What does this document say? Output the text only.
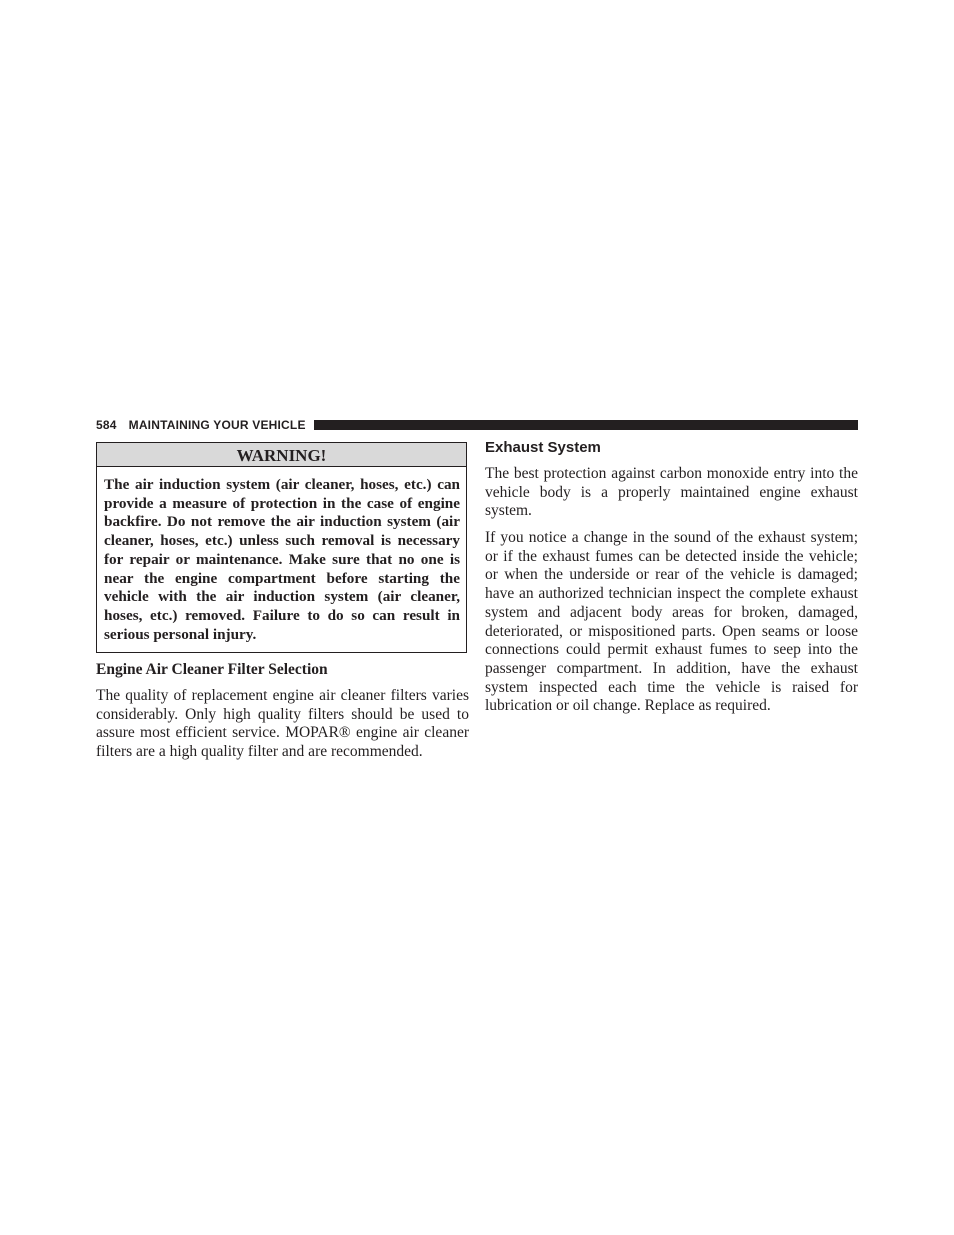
584 MAINTAINING YOUR VEHICLE
WARNING!
The air induction system (air cleaner, hoses, etc.) can provide a measure of protection in the case of engine backfire. Do not remove the air induction system (air cleaner, hoses, etc.) unless such removal is necessary for repair or maintenance. Make sure that no one is near the engine compartment before starting the vehicle with the air induction system (air cleaner, hoses, etc.) removed. Failure to do so can result in serious personal injury.
Engine Air Cleaner Filter Selection
The quality of replacement engine air cleaner filters varies considerably. Only high quality filters should be used to assure most efficient service. MOPAR® engine air cleaner filters are a high quality filter and are recommended.
Exhaust System
The best protection against carbon monoxide entry into the vehicle body is a properly maintained engine exhaust system.
If you notice a change in the sound of the exhaust system; or if the exhaust fumes can be detected inside the vehicle; or when the underside or rear of the vehicle is damaged; have an authorized technician inspect the complete exhaust system and adjacent body areas for broken, damaged, deteriorated, or mispositioned parts. Open seams or loose connections could permit exhaust fumes to seep into the passenger compartment. In addition, have the exhaust system inspected each time the vehicle is raised for lubrication or oil change. Replace as required.
